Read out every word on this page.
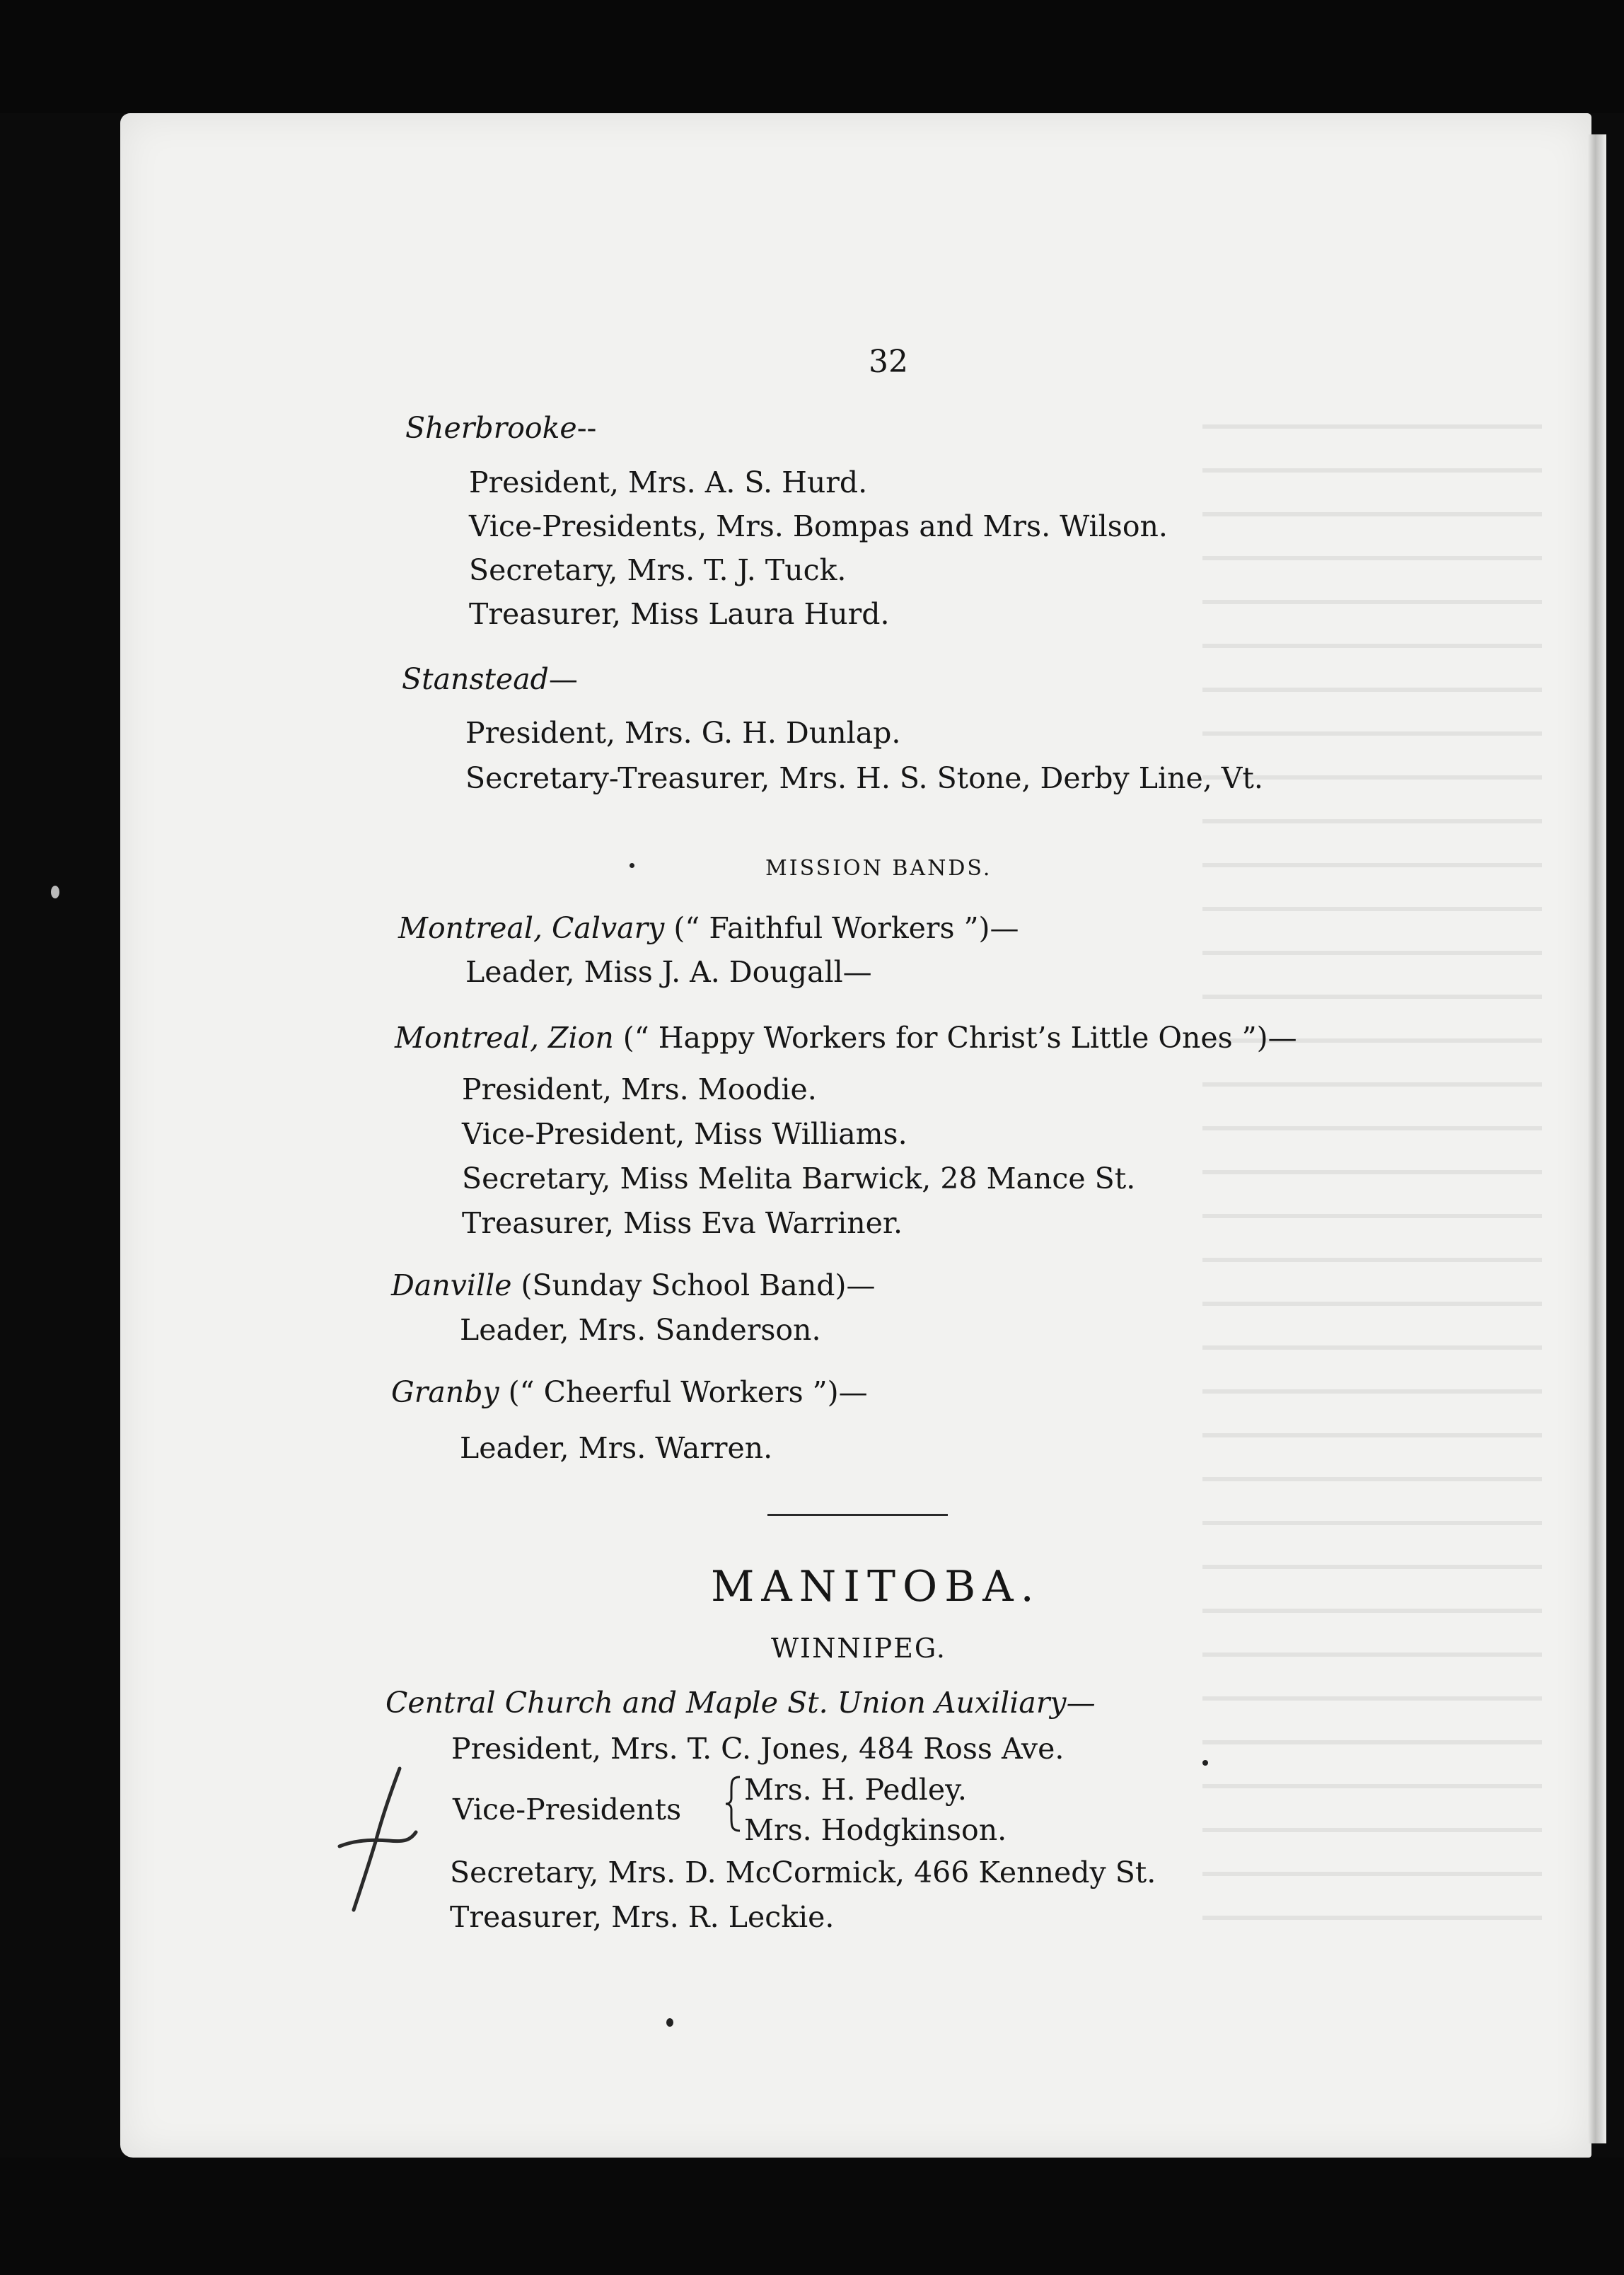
32
Sherbrooke--
President, Mrs. A. S. Hurd.
Vice-Presidents, Mrs. Bompas and Mrs. Wilson.
Secretary, Mrs. T. J. Tuck.
Treasurer, Miss Laura Hurd.
Stanstead—
President, Mrs. G. H. Dunlap.
Secretary-Treasurer, Mrs. H. S. Stone, Derby Line, Vt.
MISSION BANDS.
Montreal, Calvary (“ Faithful Workers ”)—
Leader, Miss J. A. Dougall—
Montreal, Zion (“ Happy Workers for Christ’s Little Ones ”)—
President, Mrs. Moodie.
Vice-President, Miss Williams.
Secretary, Miss Melita Barwick, 28 Mance St.
Treasurer, Miss Eva Warriner.
Danville (Sunday School Band)—
Leader, Mrs. Sanderson.
Granby (“ Cheerful Workers ”)—
Leader, Mrs. Warren.
MANITOBA.
WINNIPEG.
Central Church and Maple St. Union Auxiliary—
President, Mrs. T. C. Jones, 484 Ross Ave.
Vice-Presidents
Mrs. H. Pedley.
Mrs. Hodgkinson.
Secretary, Mrs. D. McCormick, 466 Kennedy St.
Treasurer, Mrs. R. Leckie.
